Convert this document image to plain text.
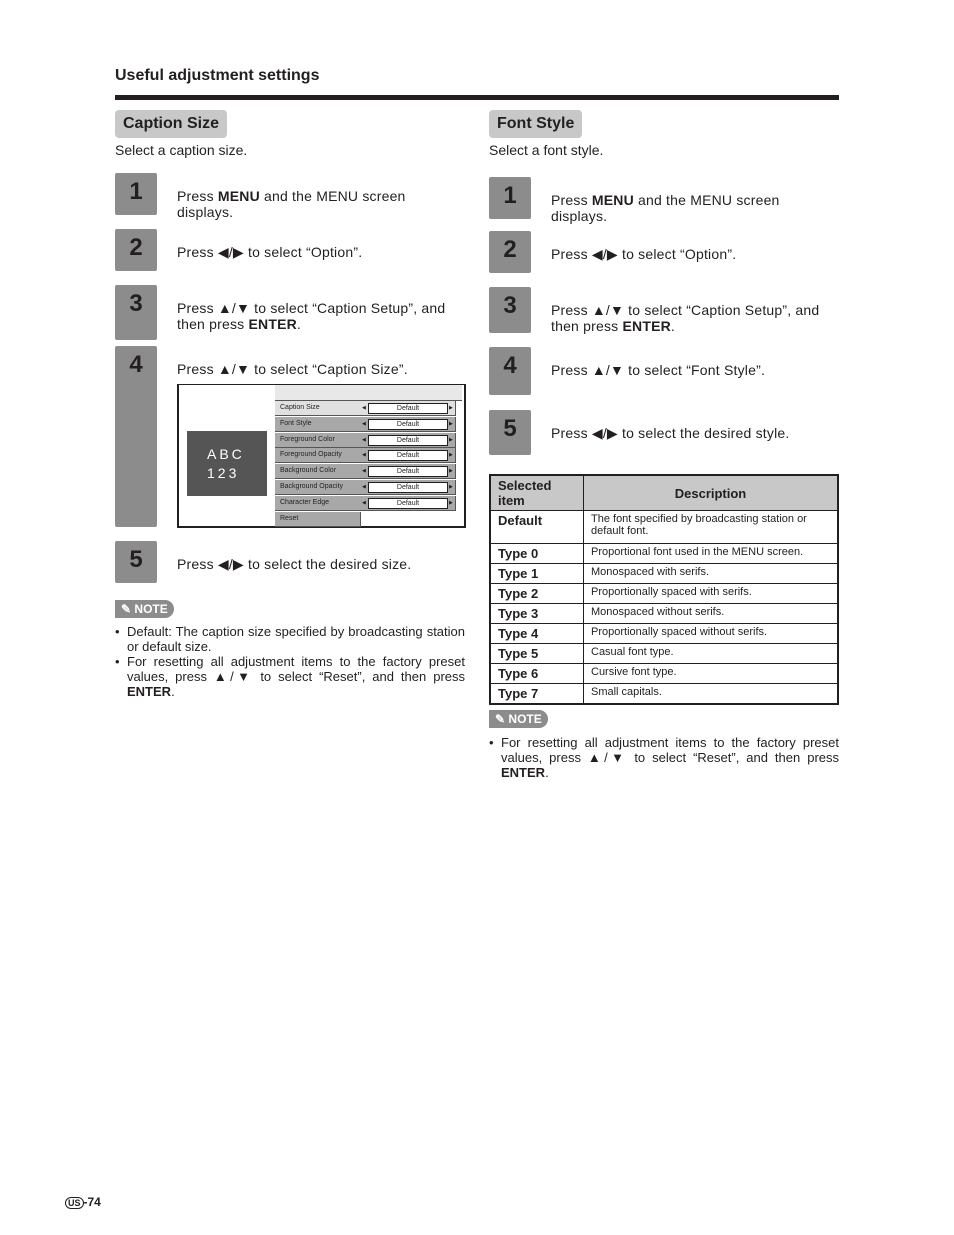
Useful adjustment settings
Caption Size
Select a caption size.
1	Press MENU and the MENU screen displays.
2	Press ◀/▶ to select “Option”.
3	Press ▲/▼ to select “Caption Setup”, and then press ENTER.
4	Press ▲/▼ to select “Caption Size”.
5	Press ◀/▶ to select the desired size.
ABC
123
Caption Size	◀	Default	▶
Font Style	◀	Default	▶
Foreground Color	◀	Default	▶
Foreground Opacity	◀	Default	▶
Background Color	◀	Default	▶
Background Opacity	◀	Default	▶
Character Edge	◀	Default	▶
Reset
✎ NOTE
• Default: The caption size specified by broadcasting station or default size.
• For resetting all adjustment items to the factory preset values, press ▲/▼ to select “Reset”, and then press ENTER.
Font Style
Select a font style.
1	Press MENU and the MENU screen displays.
2	Press ◀/▶ to select “Option”.
3	Press ▲/▼ to select “Caption Setup”, and then press ENTER.
4	Press ▲/▼ to select “Font Style”.
5	Press ◀/▶ to select the desired style.
Selected item	Description
Default	The font specified by broadcasting station or default font.
Type 0	Proportional font used in the MENU screen.
Type 1	Monospaced with serifs.
Type 2	Proportionally spaced with serifs.
Type 3	Monospaced without serifs.
Type 4	Proportionally spaced without serifs.
Type 5	Casual font type.
Type 6	Cursive font type.
Type 7	Small capitals.
✎ NOTE
• For resetting all adjustment items to the factory preset values, press ▲/▼ to select “Reset”, and then press ENTER.
US -74
